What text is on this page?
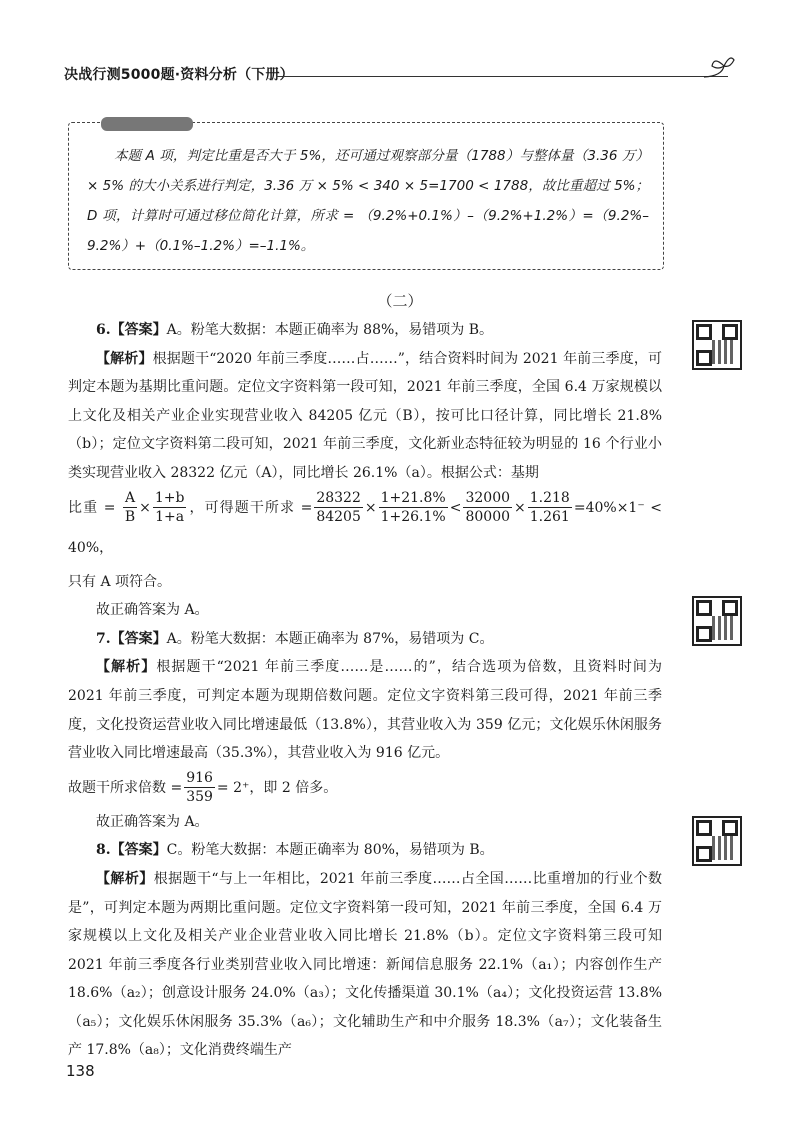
决战行测5000题·资料分析（下册）

本题 A 项，判定比重是否大于 5%，还可通过观察部分量（1788）与整体量（3.36 万）× 5% 的大小关系进行判定，3.36 万 × 5% < 340 × 5=1700 < 1788，故比重超过 5%；D 项，计算时可通过移位简化计算，所求 = （9.2%+0.1%）–（9.2%+1.2%）=（9.2%–9.2%）+（0.1%–1.2%）=–1.1%。

（二）

6.【答案】A。粉笔大数据：本题正确率为 88%，易错项为 B。

【解析】根据题干“2020 年前三季度……占……”，结合资料时间为 2021 年前三季度，可判定本题为基期比重问题。定位文字资料第一段可知，2021 年前三季度，全国 6.4 万家规模以上文化及相关产业企业实现营业收入 84205 亿元（B），按可比口径计算，同比增长 21.8%（b）；定位文字资料第二段可知，2021 年前三季度，文化新业态特征较为明显的 16 个行业小类实现营业收入 28322 亿元（A），同比增长 26.1%（a）。根据公式：基期

比重 = $\frac{A}{B} \times \frac{1+b}{1+a}$ ，可得题干所求 = $\frac{28322}{84205} \times \frac{1+21.8\%}{1+26.1\%} < \frac{32000}{80000} \times \frac{1.218}{1.261} =40\%\times 1^- < 40\%$，

只有 A 项符合。

故正确答案为 A。

7.【答案】A。粉笔大数据：本题正确率为 87%，易错项为 C。

【解析】根据题干“2021 年前三季度……是……的”，结合选项为倍数，且资料时间为 2021 年前三季度，可判定本题为现期倍数问题。定位文字资料第三段可得，2021 年前三季度，文化投资运营业收入同比增速最低（13.8%），其营业收入为 359 亿元；文化娱乐休闲服务营业收入同比增速最高（35.3%），其营业收入为 916 亿元。

故题干所求倍数 = $\frac{916}{359} = 2^+$，即 2 倍多。

故正确答案为 A。

8.【答案】C。粉笔大数据：本题正确率为 80%，易错项为 B。

【解析】根据题干“与上一年相比，2021 年前三季度……占全国……比重增加的行业个数是”，可判定本题为两期比重问题。定位文字资料第一段可知，2021 年前三季度，全国 6.4 万家规模以上文化及相关产业企业营业收入同比增长 21.8%（b）。定位文字资料第三段可知 2021 年前三季度各行业类别营业收入同比增速：新闻信息服务 22.1%（a₁）；内容创作生产 18.6%（a₂）；创意设计服务 24.0%（a₃）；文化传播渠道 30.1%（a₄）；文化投资运营 13.8%（a₅）；文化娱乐休闲服务 35.3%（a₆）；文化辅助生产和中介服务 18.3%（a₇）；文化装备生产 17.8%（a₈）；文化消费终端生产

138
